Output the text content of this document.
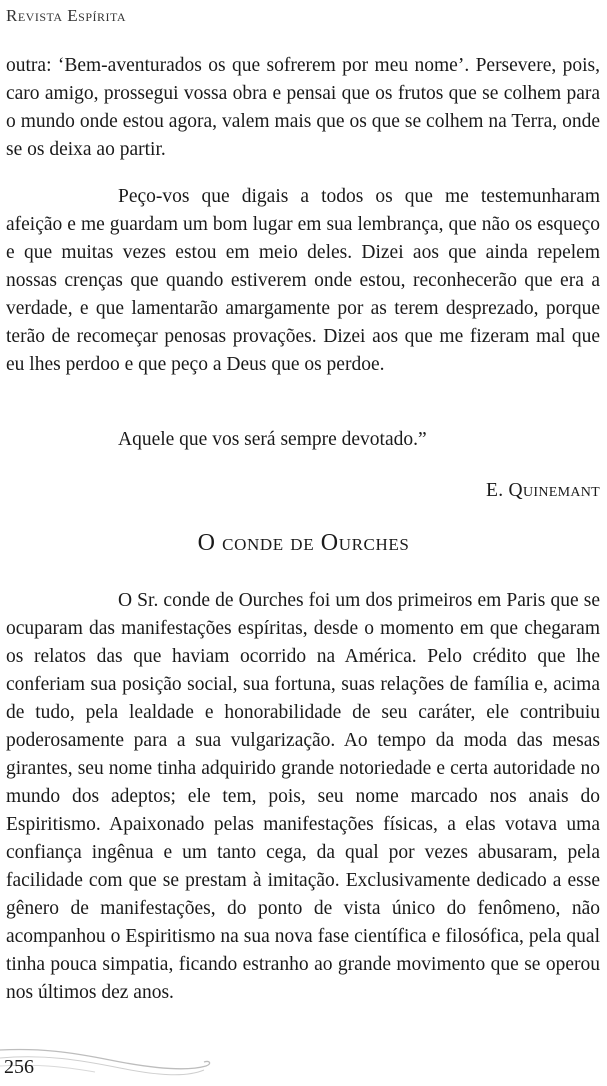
Revista Espírita

outra: ‘Bem-aventurados os que sofrerem por meu nome’. Persevere, pois, caro amigo, prossegui vossa obra e pensai que os frutos que se colhem para o mundo onde estou agora, valem mais que os que se colhem na Terra, onde se os deixa ao partir.

Peço-vos que digais a todos os que me testemunharam afeição e me guardam um bom lugar em sua lembrança, que não os esqueço e que muitas vezes estou em meio deles. Dizei aos que ainda repelem nossas crenças que quando estiverem onde estou, reconhecerão que era a verdade, e que lamentarão amargamente por as terem desprezado, porque terão de recomeçar penosas provações. Dizei aos que me fizeram mal que eu lhes perdoo e que peço a Deus que os perdoe.

Aquele que vos será sempre devotado.”

E. Quinemant
O conde de Ourches

O Sr. conde de Ourches foi um dos primeiros em Paris que se ocuparam das manifestações espíritas, desde o momento em que chegaram os relatos das que haviam ocorrido na América. Pelo crédito que lhe conferiam sua posição social, sua fortuna, suas relações de família e, acima de tudo, pela lealdade e honorabilidade de seu caráter, ele contribuiu poderosamente para a sua vulgarização. Ao tempo da moda das mesas girantes, seu nome tinha adquirido grande notoriedade e certa autoridade no mundo dos adeptos; ele tem, pois, seu nome marcado nos anais do Espiritismo. Apaixonado pelas manifestações físicas, a elas votava uma confiança ingênua e um tanto cega, da qual por vezes abusaram, pela facilidade com que se prestam à imitação. Exclusivamente dedicado a esse gênero de manifestações, do ponto de vista único do fenômeno, não acompanhou o Espiritismo na sua nova fase científica e filosófica, pela qual tinha pouca simpatia, ficando estranho ao grande movimento que se operou nos últimos dez anos.

256
